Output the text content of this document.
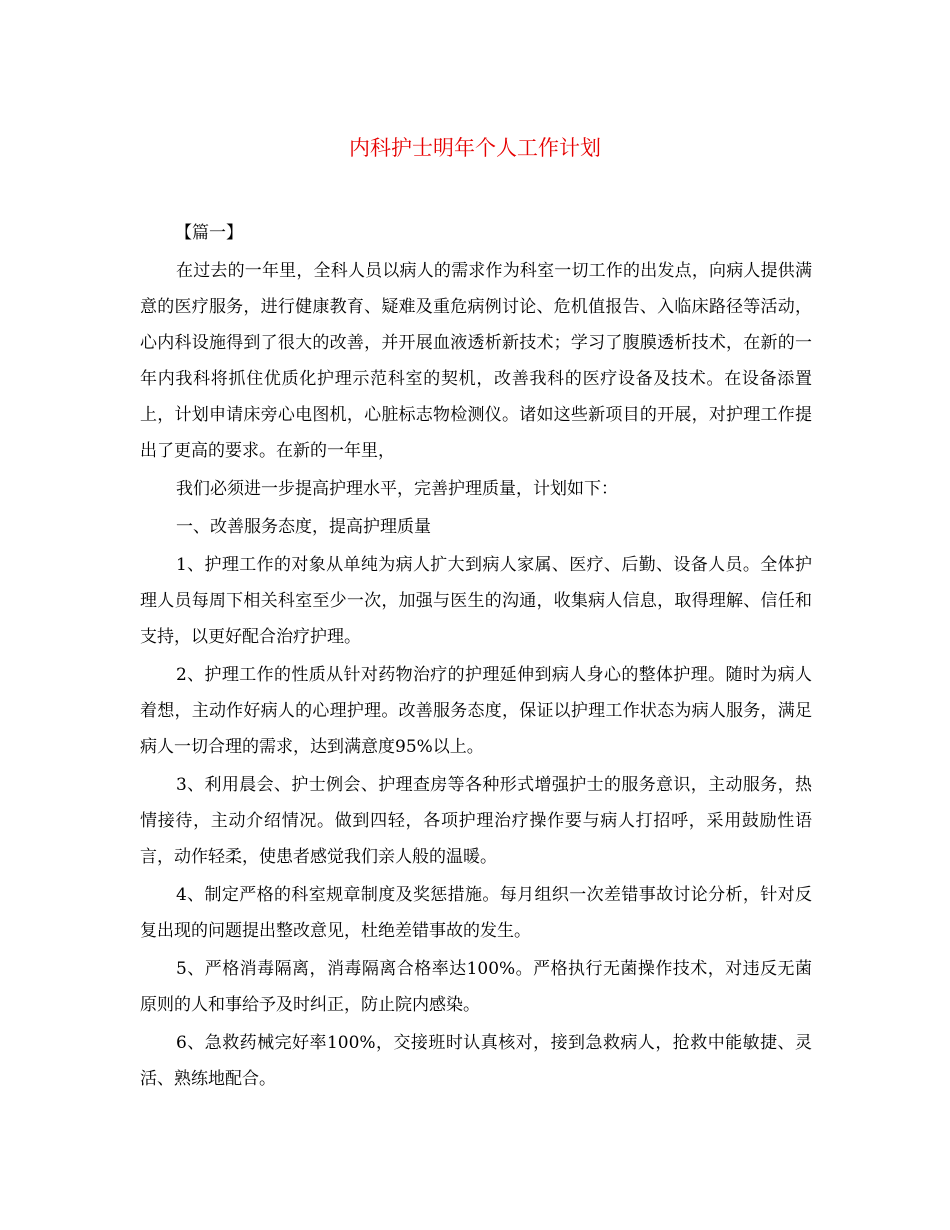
内科护士明年个人工作计划

【篇一】

在过去的一年里，全科人员以病人的需求作为科室一切工作的出发点，向病人提供满意的医疗服务，进行健康教育、疑难及重危病例讨论、危机值报告、入临床路径等活动，心内科设施得到了很大的改善，并开展血液透析新技术；学习了腹膜透析技术，在新的一年内我科将抓住优质化护理示范科室的契机，改善我科的医疗设备及技术。在设备添置上，计划申请床旁心电图机，心脏标志物检测仪。诸如这些新项目的开展，对护理工作提出了更高的要求。在新的一年里，

我们必须进一步提高护理水平，完善护理质量，计划如下：

一、改善服务态度，提高护理质量

1、护理工作的对象从单纯为病人扩大到病人家属、医疗、后勤、设备人员。全体护理人员每周下相关科室至少一次，加强与医生的沟通，收集病人信息，取得理解、信任和支持，以更好配合治疗护理。

2、护理工作的性质从针对药物治疗的护理延伸到病人身心的整体护理。随时为病人着想，主动作好病人的心理护理。改善服务态度，保证以护理工作状态为病人服务，满足病人一切合理的需求，达到满意度95%以上。

3、利用晨会、护士例会、护理查房等各种形式增强护士的服务意识，主动服务，热情接待，主动介绍情况。做到四轻，各项护理治疗操作要与病人打招呼，采用鼓励性语言，动作轻柔，使患者感觉我们亲人般的温暖。

4、制定严格的科室规章制度及奖惩措施。每月组织一次差错事故讨论分析，针对反复出现的问题提出整改意见，杜绝差错事故的发生。

5、严格消毒隔离，消毒隔离合格率达100%。严格执行无菌操作技术，对违反无菌原则的人和事给予及时纠正，防止院内感染。

6、急救药械完好率100%，交接班时认真核对，接到急救病人，抢救中能敏捷、灵活、熟练地配合。
